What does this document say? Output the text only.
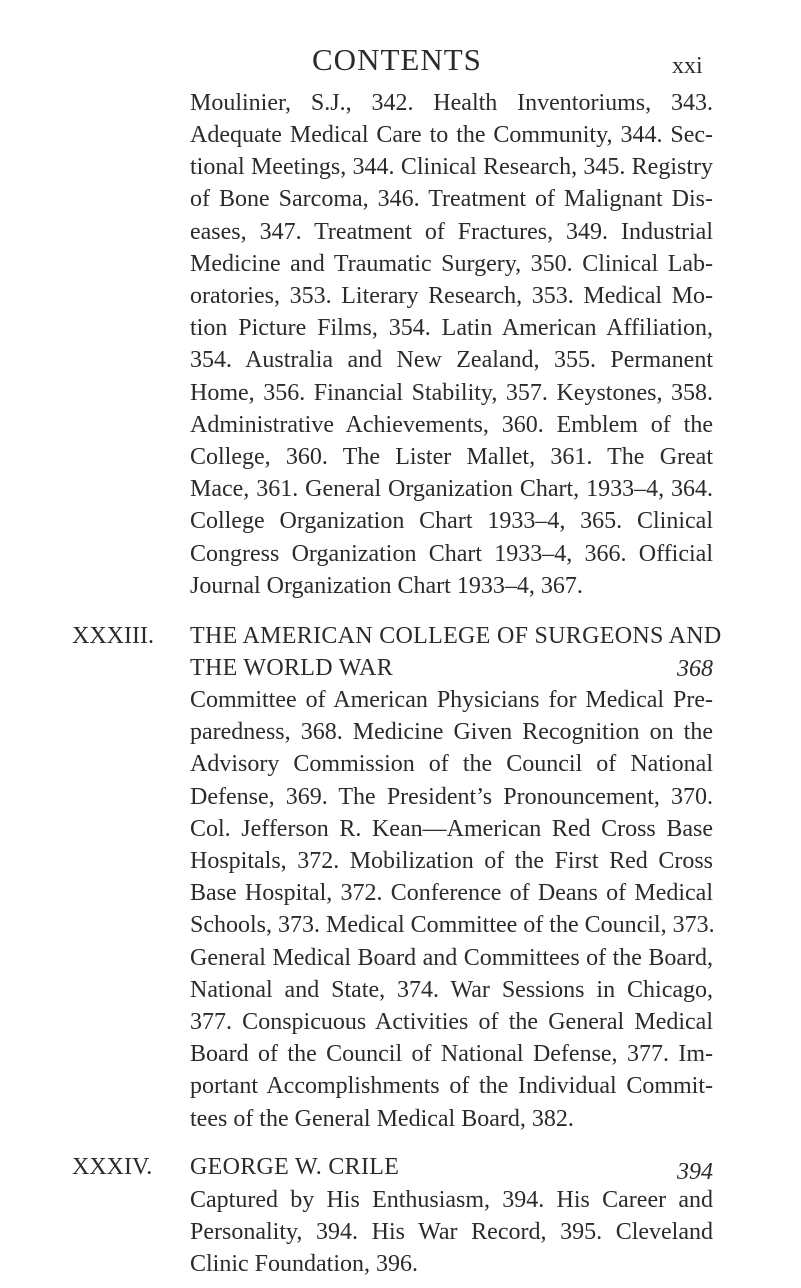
CONTENTS	xxi
Moulinier, S.J., 342. Health Inventoriums, 343.
Adequate Medical Care to the Community, 344. Sec-
tional Meetings, 344. Clinical Research, 345. Registry
of Bone Sarcoma, 346. Treatment of Malignant Dis-
eases, 347. Treatment of Fractures, 349. Industrial
Medicine and Traumatic Surgery, 350. Clinical Lab-
oratories, 353. Literary Research, 353. Medical Mo-
tion Picture Films, 354. Latin American Affiliation,
354. Australia and New Zealand, 355. Permanent
Home, 356. Financial Stability, 357. Keystones, 358.
Administrative Achievements, 360. Emblem of the
College, 360. The Lister Mallet, 361. The Great
Mace, 361. General Organization Chart, 1933–4, 364.
College Organization Chart 1933–4, 365. Clinical
Congress Organization Chart 1933–4, 366. Official
Journal Organization Chart 1933–4, 367.
XXXIII. THE AMERICAN COLLEGE OF SURGEONS AND
THE WORLD WAR	368
Committee of American Physicians for Medical Pre-
paredness, 368. Medicine Given Recognition on the
Advisory Commission of the Council of National
Defense, 369. The President’s Pronouncement, 370.
Col. Jefferson R. Kean—American Red Cross Base
Hospitals, 372. Mobilization of the First Red Cross
Base Hospital, 372. Conference of Deans of Medical
Schools, 373. Medical Committee of the Council, 373.
General Medical Board and Committees of the Board,
National and State, 374. War Sessions in Chicago,
377. Conspicuous Activities of the General Medical
Board of the Council of National Defense, 377. Im-
portant Accomplishments of the Individual Commit-
tees of the General Medical Board, 382.
XXXIV. GEORGE W. CRILE	394
Captured by His Enthusiasm, 394. His Career and
Personality, 394. His War Record, 395. Cleveland
Clinic Foundation, 396.
